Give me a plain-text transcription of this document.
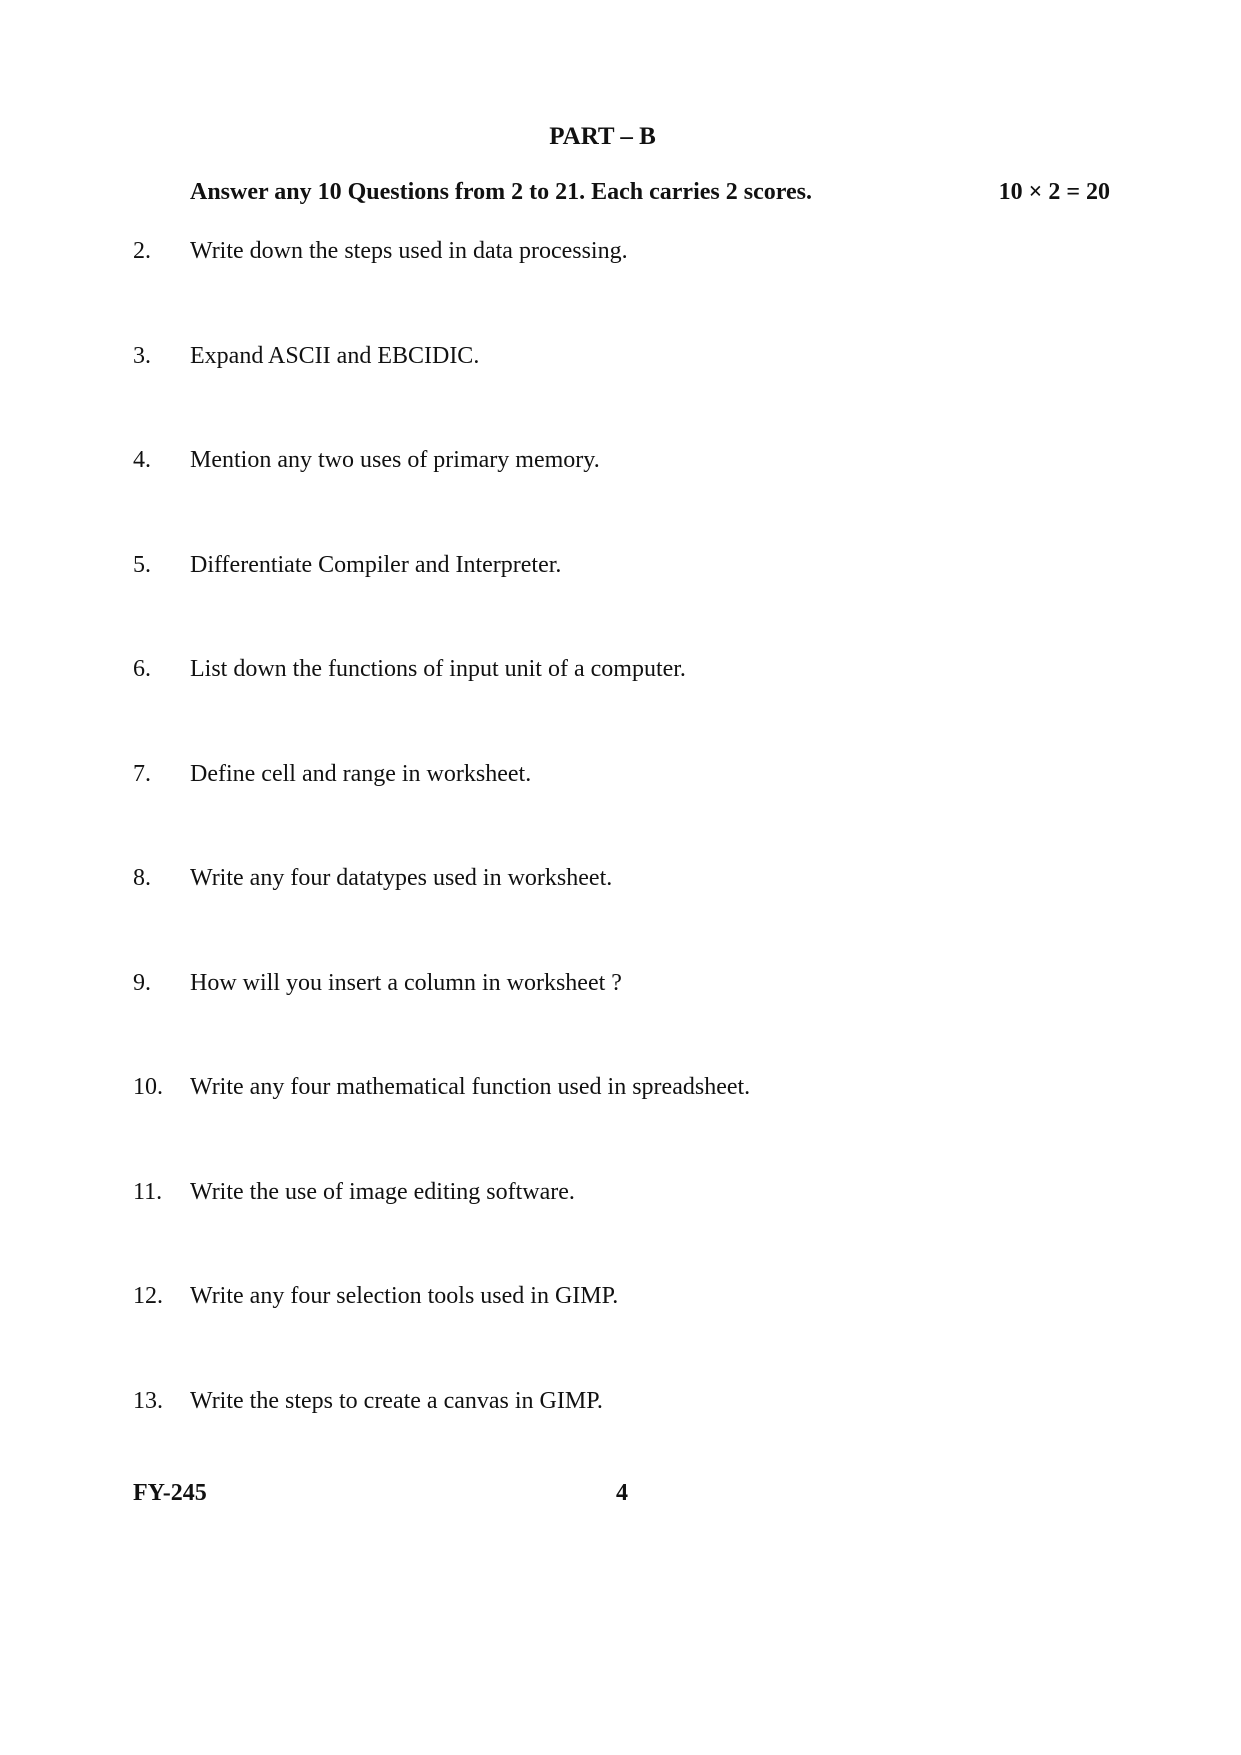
PART – B
Answer any 10 Questions from 2 to 21. Each carries 2 scores.	10 × 2 = 20
2. Write down the steps used in data processing.
3. Expand ASCII and EBCIDIC.
4. Mention any two uses of primary memory.
5. Differentiate Compiler and Interpreter.
6. List down the functions of input unit of a computer.
7. Define cell and range in worksheet.
8. Write any four datatypes used in worksheet.
9. How will you insert a column in worksheet ?
10. Write any four mathematical function used in spreadsheet.
11. Write the use of image editing software.
12. Write any four selection tools used in GIMP.
13. Write the steps to create a canvas in GIMP.
FY-245	4
